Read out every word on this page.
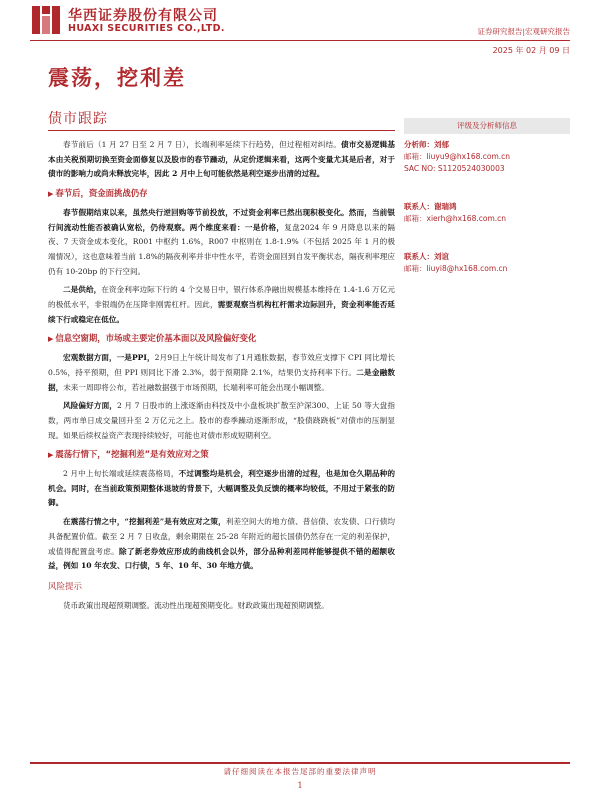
华西证券股份有限公司
HUAXI SECURITIES CO.,LTD.	证券研究报告|宏观研究报告
2025 年 02 月 09 日
震荡，挖利差
债市跟踪

春节前后（1 月 27 日至 2 月 7 日），长端利率延续下行趋势，但过程相对纠结。债市交易逻辑基本由关税预期切换至资金面修复以及股市的春节躁动，从定价逻辑来看，这两个变量尤其是后者，对于债市的影响力或尚未释放完毕，因此 2 月中上旬可能依然是利空逐步出清的过程。

▶ 春节后，资金面挑战仍存

春节假期结束以来，虽然央行逆回购等节前投放，不过资金利率已然出现积极变化。然而，当前银行间流动性能否被确认宽松，仍待观察。两个维度来看：一是价格，复盘2024 年 9 月降息以来的隔夜、7 天资金成本变化，R001 中枢约 1.6%，R007 中枢则在 1.8-1.9%（不包括 2025 年 1 月的极端情况），这也意味着当前 1.8%的隔夜利率并非中性水平，若资金面回到自发平衡状态，隔夜利率理应仍有 10-20bp 的下行空间。

二是供给，在资金利率边际下行的 4 个交易日中，银行体系净融出规模基本维持在 1.4-1.6 万亿元的极低水平，非银端仍在压降非刚需杠杆。因此，需要观察当机构杠杆需求边际回升，资金利率能否延续下行或稳定在低位。

▶ 信息空窗期，市场或主要定价基本面以及风险偏好变化

宏观数据方面，一是PPI，2月9日上午统计局发布了1月通胀数据，春节效应支撑下 CPI 同比增长 0.5%，持平预期，但 PPI 则同比下滑 2.3%，弱于预期降 2.1%，结果仍支持利率下行。二是金融数据，未来一周即将公布，若社融数据强于市场预期，长端利率可能会出现小幅调整。

风险偏好方面，2 月 7 日股市的上涨逐渐由科技及中小盘板块扩散至沪深300、上证 50 等大盘指数，两市单日成交量回升至 2 万亿元之上。股市的春季躁动逐渐形成，“股债跷跷板”对债市的压制显现。如果后续权益资产表现持续较好，可能也对债市形成短期利空。

▶ 震荡行情下，“挖掘利差”是有效应对之策

2 月中上旬长端或延续震荡格局，不过调整均是机会，利空逐步出清的过程，也是加仓久期品种的机会。同时，在当前政策预期整体退坡的背景下，大幅调整及负反馈的概率均较低，不用过于紧张的防御。

在震荡行情之中，“挖掘利差”是有效应对之策，利差空间大的地方债、普信债、农发债、口行债均具备配置价值。截至 2 月 7 日收盘，剩余期限在 25-28 年附近的超长国债仍然存在一定的利差保护，或值得配置盘考虑。除了新老券效应形成的曲线机会以外，部分品种利差同样能够提供不错的超额收益，例如 10 年农发、口行债，5 年、10 年、30 年地方债。

风险提示

货币政策出现超预期调整。流动性出现超预期变化。财政政策出现超预期调整。

评级及分析师信息
分析师：刘郁
邮箱：liuyu9@hx168.com.cn
SAC NO: S1120524030003
联系人：谢瑞鸿
邮箱：xierh@hx168.com.cn
联系人：刘谊
邮箱：liuyi8@hx168.com.cn
请仔细阅读在本报告尾部的重要法律声明
1
